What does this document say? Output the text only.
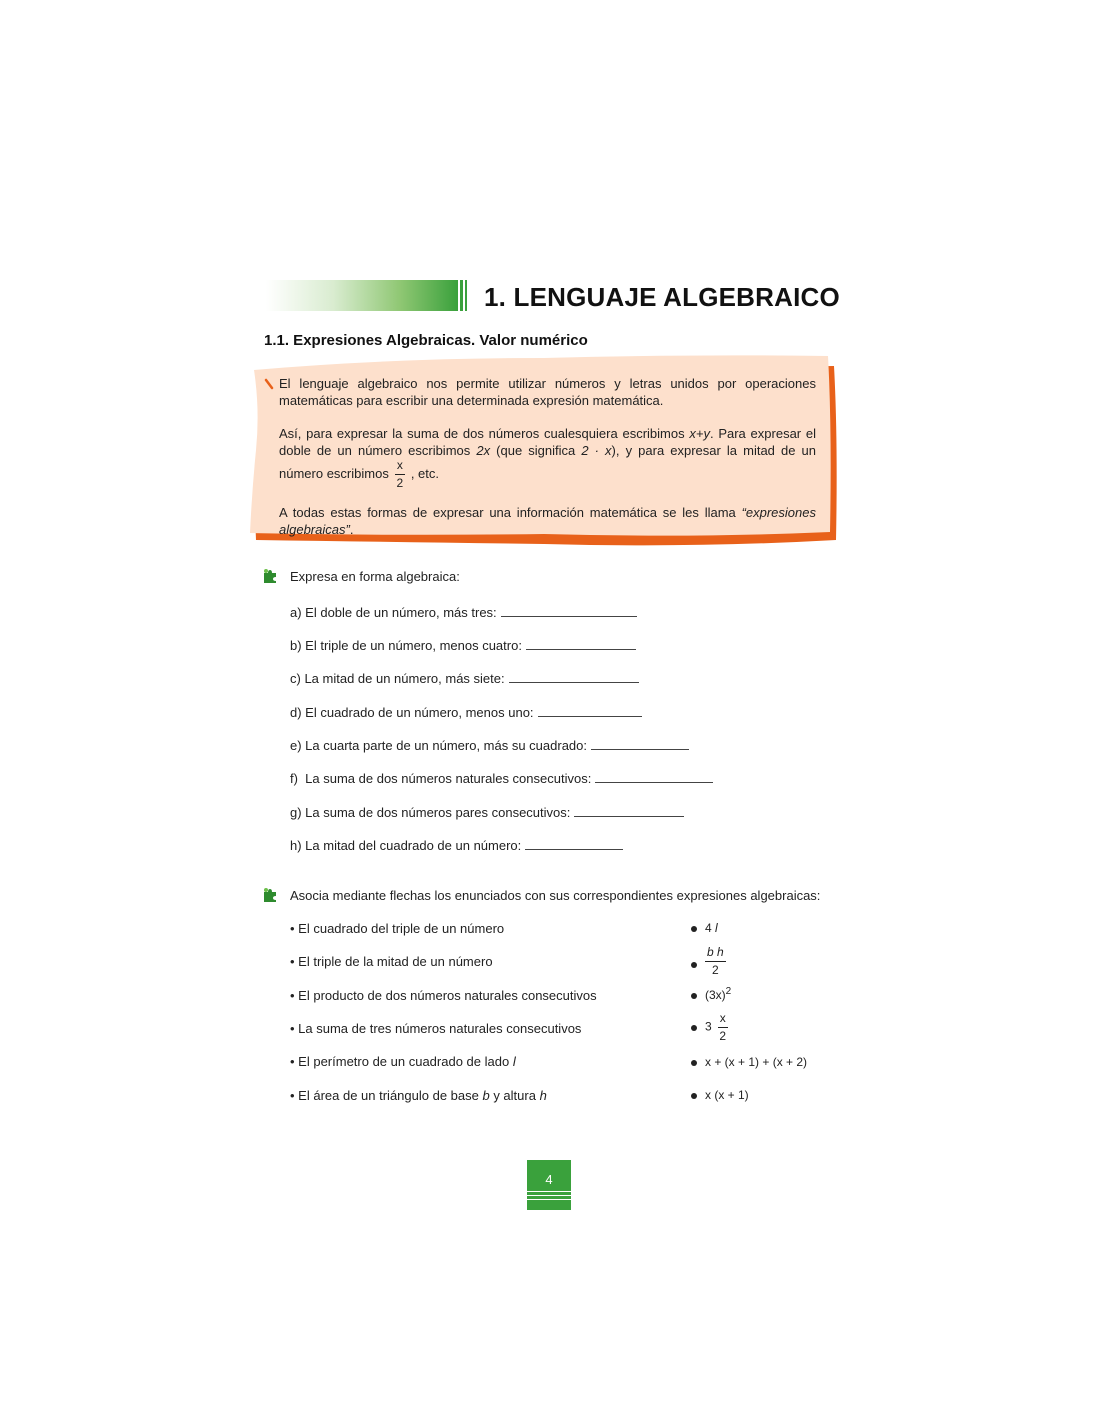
1. LENGUAJE ALGEBRAICO
1.1. Expresiones Algebraicas. Valor numérico

El lenguaje algebraico nos permite utilizar números y letras unidos por operaciones matemáticas para escribir una determinada expresión matemática.

Así, para expresar la suma de dos números cualesquiera escribimos x+y. Para expresar el doble de un número escribimos 2x (que significa 2 · x), y para expresar la mitad de un número escribimos $\frac{x}{2}$ , etc.

A todas estas formas de expresar una información matemática se les llama “expresiones algebraicas”.

Expresa en forma algebraica:
a) El doble de un número, más tres:
b) El triple de un número, menos cuatro:
c) La mitad de un número, más siete:
d) El cuadrado de un número, menos uno:
e) La cuarta parte de un número, más su cuadrado:
f)  La suma de dos números naturales consecutivos:
g) La suma de dos números pares consecutivos:
h) La mitad del cuadrado de un número:
Asocia mediante flechas los enunciados con sus correspondientes expresiones algebraicas:
• El cuadrado del triple de un número
• El triple de la mitad de un número
• El producto de dos números naturales consecutivos
• La suma de tres números naturales consecutivos
• El perímetro de un cuadrado de lado l
• El área de un triángulo de base b y altura h
4 l
$\frac{\text{b h}}{2}$
$(3x)^2$
$3 \frac{x}{2}$
x + (x + 1) + (x + 2)
x (x + 1)
4
